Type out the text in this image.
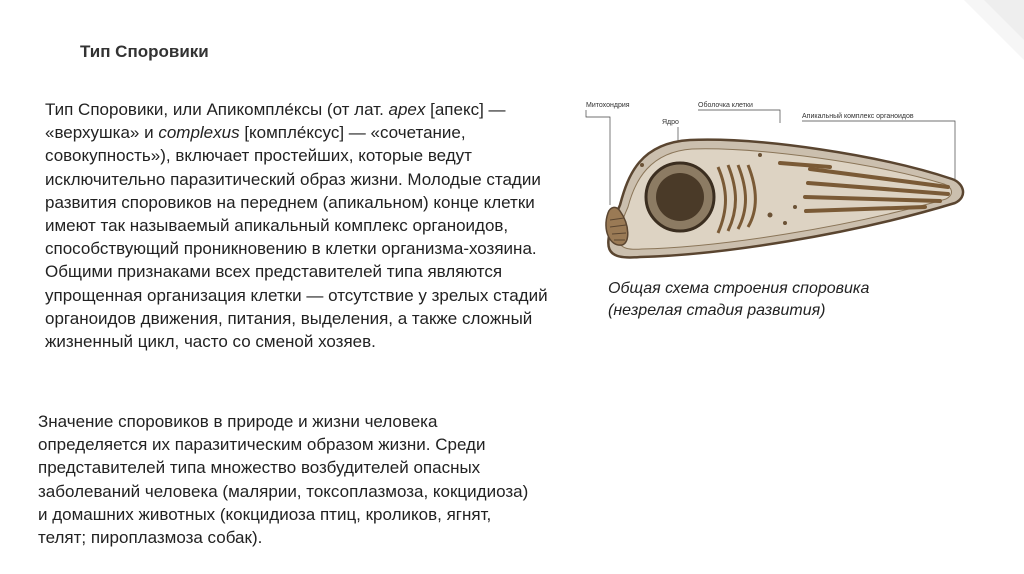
Тип Споровики

Тип Споровики, или Апикомпле́ксы (от лат. apex [апекс] — «верхушка» и complexus [компле́ксус] — «сочетание, совокупность»), включает простейших, которые ведут исключительно паразитический образ жизни. Молодые стадии развития споровиков на переднем (апикальном) конце клетки имеют так называемый апикальный комплекс органоидов, способствующий проникновению в клетки организма-хозяина.

Общими признаками всех представителей типа являются упрощенная организация клетки — отсутствие у зрелых стадий органоидов движения, питания, выделения, а также сложный жизненный цикл, часто со сменой хозяев.

Значение споровиков в природе и жизни человека определяется их паразитическим образом жизни. Среди представителей типа множество возбудителей опасных заболеваний человека (малярии, токсоплазмоза, кокцидиоза) и домашних животных (кокцидиоза птиц, кроликов, ягнят, телят; пироплазмоза собак).

Митохондрия
Ядро
Оболочка клетки
Апикальный комплекс органоидов
Общая схема строения споровика
(незрелая стадия развития)
